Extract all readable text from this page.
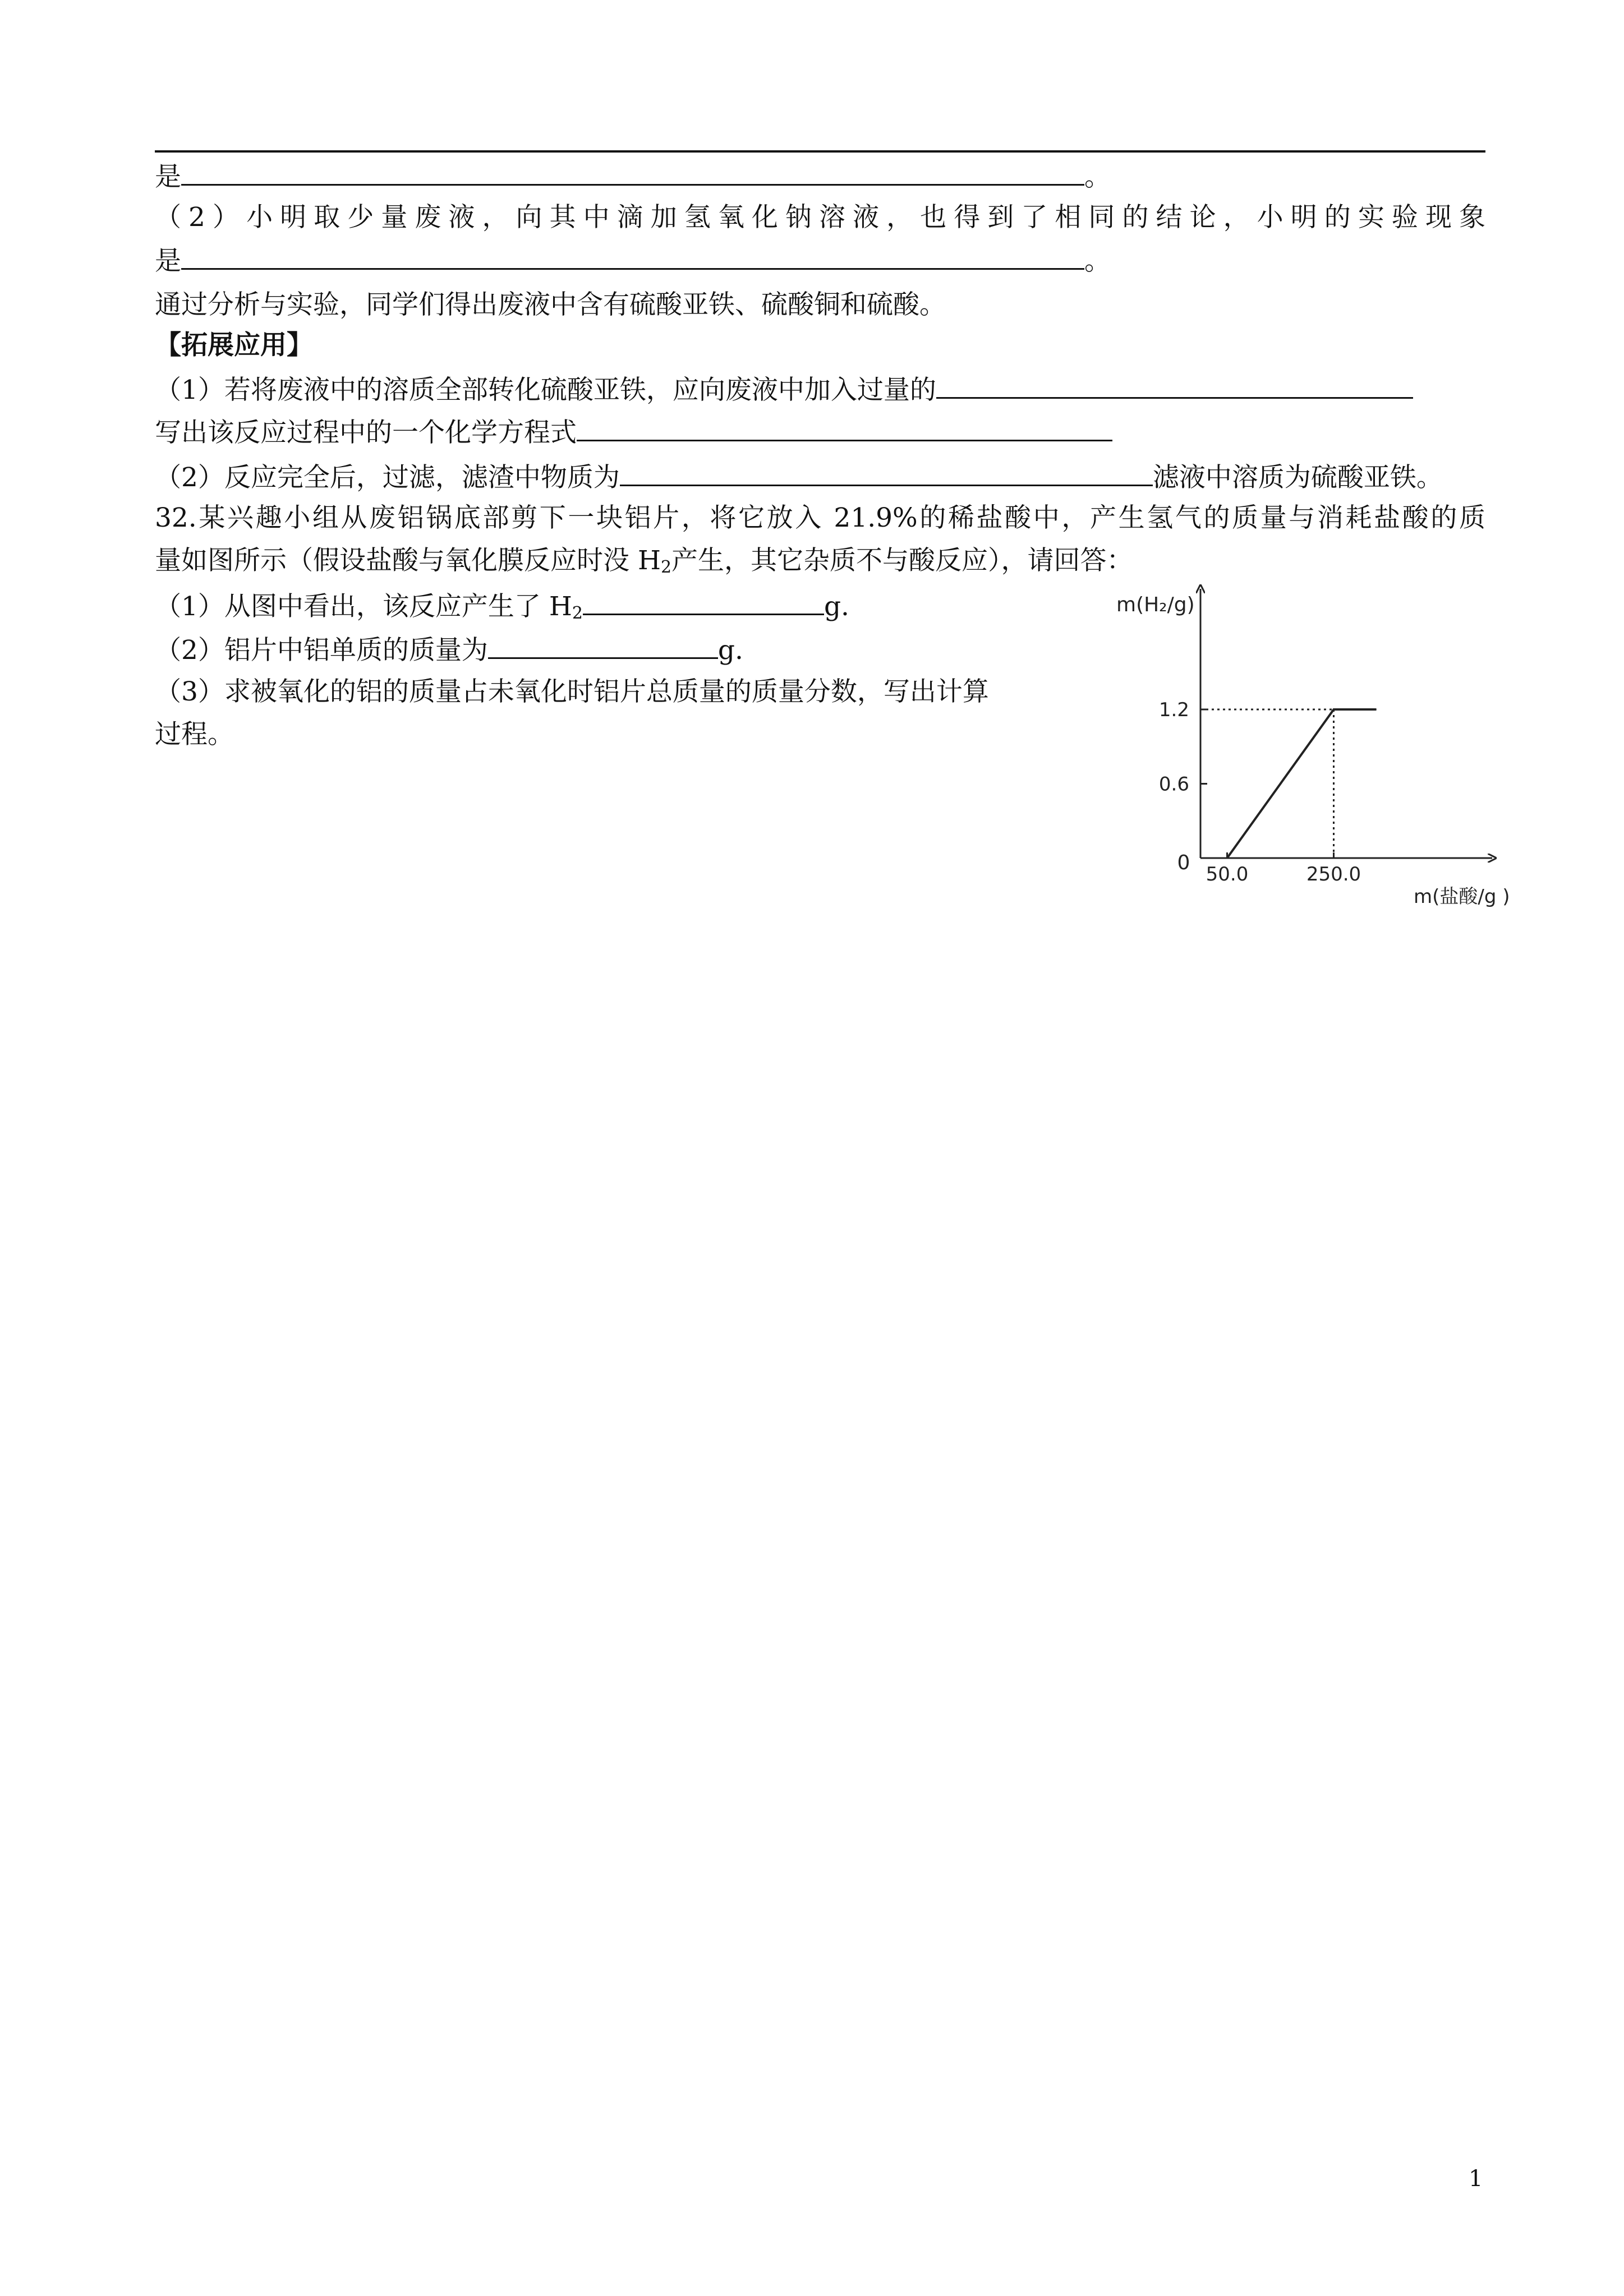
是	。
（2）小明取少量废液，向其中滴加氢氧化钠溶液，也得到了相同的结论，小明的实验现象
是	。
通过分析与实验，同学们得出废液中含有硫酸亚铁、硫酸铜和硫酸。
【拓展应用】
（1）若将废液中的溶质全部转化硫酸亚铁，应向废液中加入过量的
写出该反应过程中的一个化学方程式
（2）反应完全后，过滤，滤渣中物质为	滤液中溶质为硫酸亚铁。
32.某兴趣小组从废铝锅底部剪下一块铝片，将它放入 21.9%的稀盐酸中，产生氢气的质量与消耗盐酸的质
量如图所示（假设盐酸与氧化膜反应时没 $H_2$产生，其它杂质不与酸反应），请回答：
（1）从图中看出，该反应产生了 $H_2$	g.
（2）铝片中铝单质的质量为	g.
（3）求被氧化的铝的质量占未氧化时铝片总质量的质量分数，写出计算
过程。
0.6
1.2
50.0	250.0
0
m(H₂/g)
m(盐酸/g )
1
